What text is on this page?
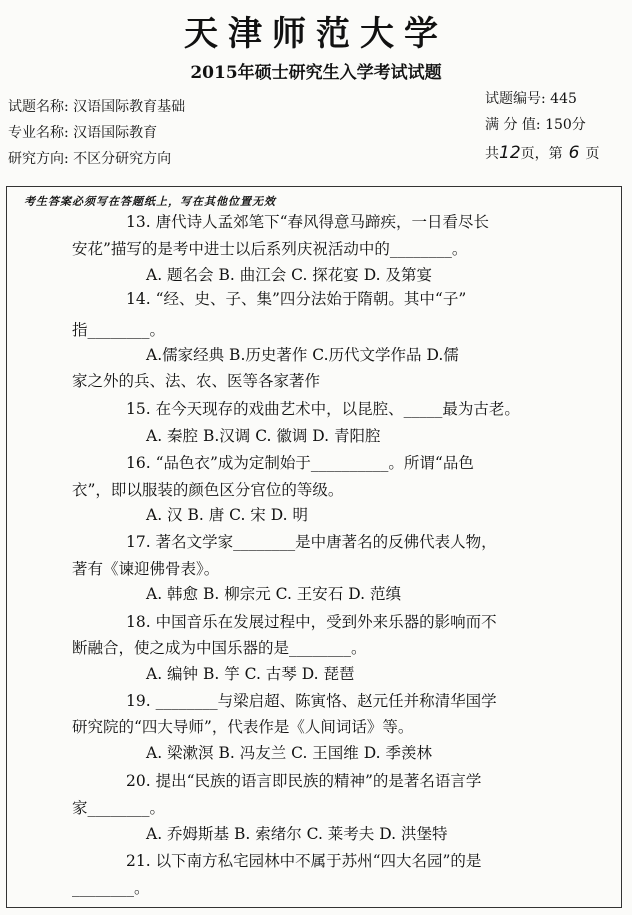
天津师范大学
2015年硕士研究生入学考试试题
试题名称: 汉语国际教育基础
专业名称: 汉语国际教育
研究方向: 不区分研究方向
试题编号: 445
满 分 值: 150分
共12页，第 6 页
考生答案必须写在答题纸上，写在其他位置无效
13. 唐代诗人孟郊笔下“春风得意马蹄疾，一日看尽长
安花”描写的是考中进士以后系列庆祝活动中的________。
A. 题名会 B. 曲江会 C. 探花宴 D. 及第宴
14. “经、史、子、集”四分法始于隋朝。其中“子”
指________。
A.儒家经典 B.历史著作 C.历代文学作品 D.儒
家之外的兵、法、农、医等各家著作
15. 在今天现存的戏曲艺术中，以昆腔、_____最为古老。
A. 秦腔 B.汉调 C. 徽调 D. 青阳腔
16. “品色衣”成为定制始于__________。所谓“品色
衣”，即以服装的颜色区分官位的等级。
A. 汉 B. 唐 C. 宋 D. 明
17. 著名文学家________是中唐著名的反佛代表人物，
著有《谏迎佛骨表》。
A. 韩愈 B. 柳宗元 C. 王安石 D. 范缜
18. 中国音乐在发展过程中，受到外来乐器的影响而不
断融合，使之成为中国乐器的是________。
A. 编钟 B. 竽 C. 古琴 D. 琵琶
19. ________与梁启超、陈寅恪、赵元任并称清华国学
研究院的“四大导师”，代表作是《人间词话》等。
A. 梁漱溟 B. 冯友兰 C. 王国维 D. 季羡林
20. 提出“民族的语言即民族的精神”的是著名语言学
家________。
A. 乔姆斯基 B. 索绪尔 C. 莱考夫 D. 洪堡特
21. 以下南方私宅园林中不属于苏州“四大名园”的是
________。
